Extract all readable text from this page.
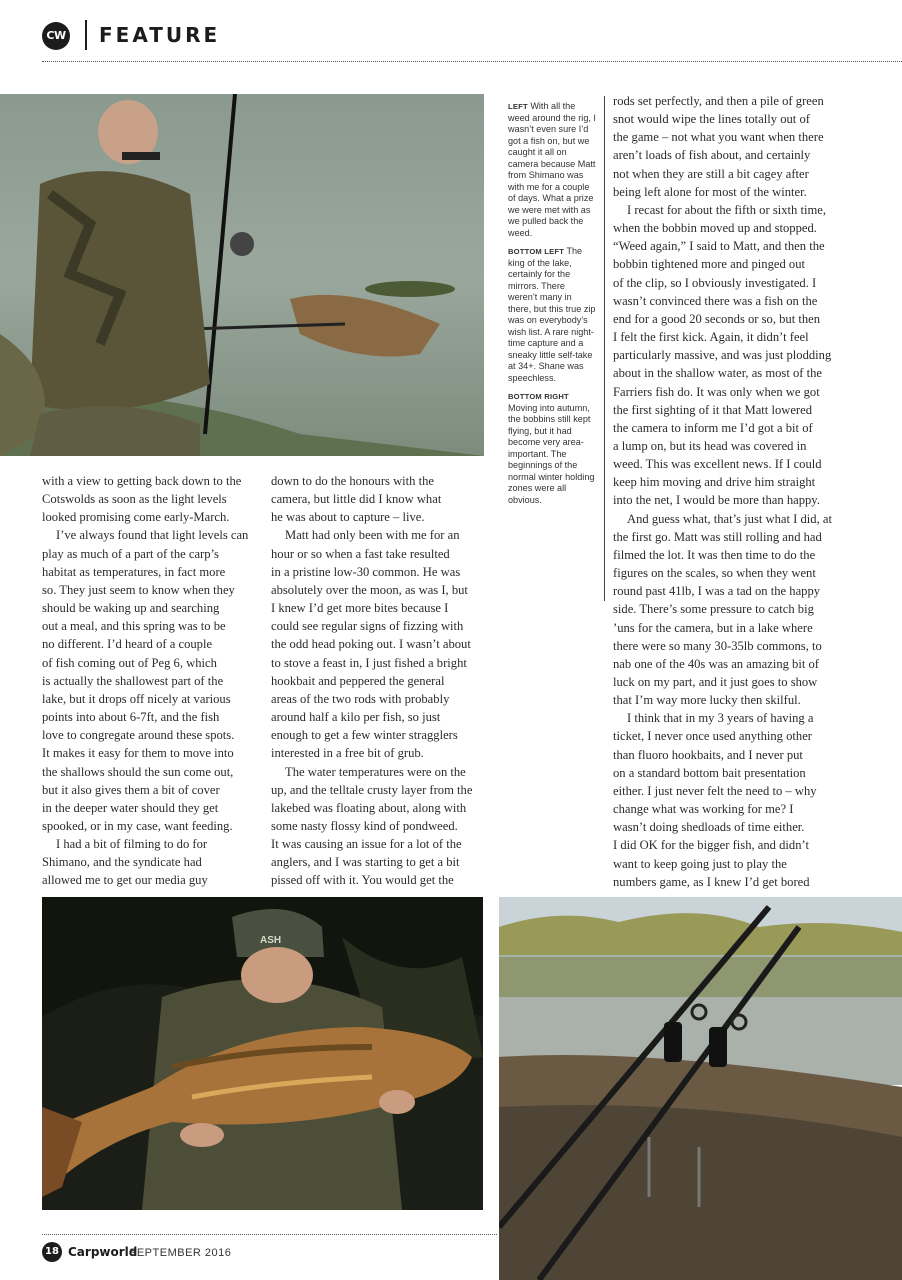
CW FEATURE
LEFT With all the weed around the rig, I wasn’t even sure I’d got a fish on, but we caught it all on camera because Matt from Shimano was with me for a couple of days. What a prize we were met with as we pulled back the weed.
BOTTOM LEFT The king of the lake, certainly for the mirrors. There weren’t many in there, but this true zip was on everybody’s wish list. A rare night-time capture and a sneaky little self-take at 34+. Shane was speechless.
BOTTOM RIGHT Moving into autumn, the bobbins still kept flying, but it had become very area-important. The beginnings of the normal winter holding zones were all obvious.

with a view to getting back down to the

Cotswolds as soon as the light levels

looked promising come early-March.

I’ve always found that light levels can

play as much of a part of the carp’s

habitat as temperatures, in fact more

so. They just seem to know when they

should be waking up and searching

out a meal, and this spring was to be

no different. I’d heard of a couple

of fish coming out of Peg 6, which

is actually the shallowest part of the

lake, but it drops off nicely at various

points into about 6-7ft, and the fish

love to congregate around these spots.

It makes it easy for them to move into

the shallows should the sun come out,

but it also gives them a bit of cover

in the deeper water should they get

spooked, or in my case, want feeding.

I had a bit of filming to do for

Shimano, and the syndicate had

allowed me to get our media guy

down to do the honours with the

camera, but little did I know what

he was about to capture – live.

Matt had only been with me for an

hour or so when a fast take resulted

in a pristine low-30 common. He was

absolutely over the moon, as was I, but

I knew I’d get more bites because I

could see regular signs of fizzing with

the odd head poking out. I wasn’t about

to stove a feast in, I just fished a bright

hookbait and peppered the general

areas of the two rods with probably

around half a kilo per fish, so just

enough to get a few winter stragglers

interested in a free bit of grub.

The water temperatures were on the

up, and the telltale crusty layer from the

lakebed was floating about, along with

some nasty flossy kind of pondweed.

It was causing an issue for a lot of the

anglers, and I was starting to get a bit

pissed off with it. You would get the

rods set perfectly, and then a pile of green

snot would wipe the lines totally out of

the game – not what you want when there

aren’t loads of fish about, and certainly

not when they are still a bit cagey after

being left alone for most of the winter.

I recast for about the fifth or sixth time,

when the bobbin moved up and stopped.

“Weed again,” I said to Matt, and then the

bobbin tightened more and pinged out

of the clip, so I obviously investigated. I

wasn’t convinced there was a fish on the

end for a good 20 seconds or so, but then

I felt the first kick. Again, it didn’t feel

particularly massive, and was just plodding

about in the shallow water, as most of the

Farriers fish do. It was only when we got

the first sighting of it that Matt lowered

the camera to inform me I’d got a bit of

a lump on, but its head was covered in

weed. This was excellent news. If I could

keep him moving and drive him straight

into the net, I would be more than happy.

And guess what, that’s just what I did, at

the first go. Matt was still rolling and had

filmed the lot. It was then time to do the

figures on the scales, so when they went

round past 41lb, I was a tad on the happy

side. There’s some pressure to catch big

’uns for the camera, but in a lake where

there were so many 30-35lb commons, to

nab one of the 40s was an amazing bit of

luck on my part, and it just goes to show

that I’m way more lucky then skilful.

I think that in my 3 years of having a

ticket, I never once used anything other

than fluoro hookbaits, and I never put

on a standard bottom bait presentation

either. I just never felt the need to – why

change what was working for me? I

wasn’t doing shedloads of time either.

I did OK for the bigger fish, and didn’t

want to keep going just to play the

numbers game, as I knew I’d get bored

ASH
18 Carpworld
SEPTEMBER 2016
